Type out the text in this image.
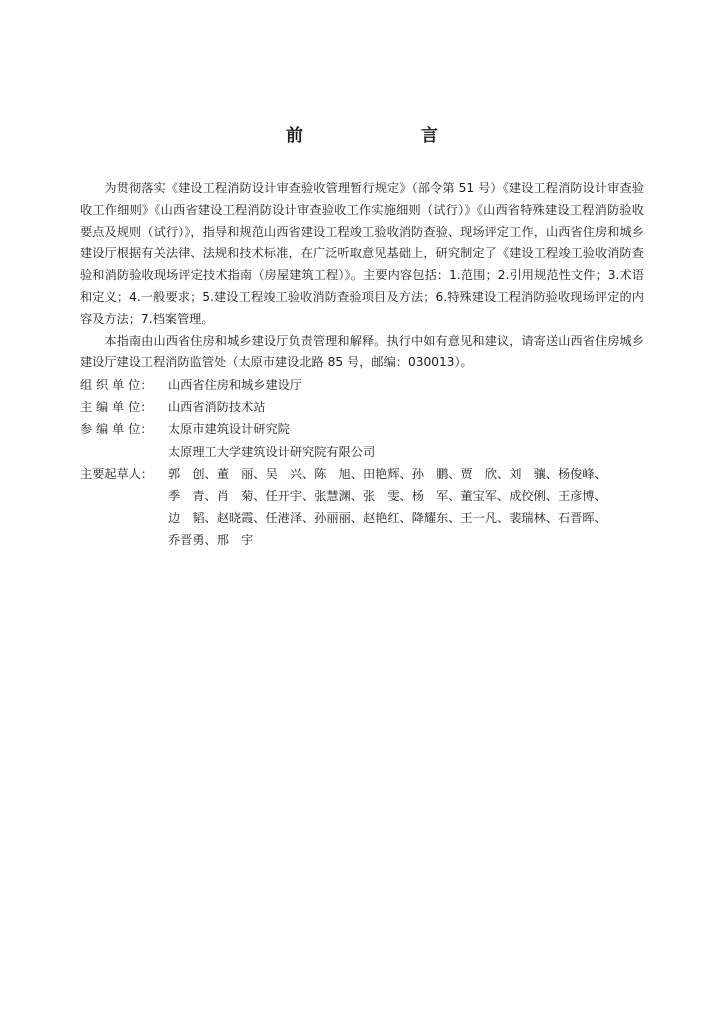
前　　言

为贯彻落实《建设工程消防设计审查验收管理暂行规定》（部令第 51 号）《建设工程消防设计审查验收工作细则》《山西省建设工程消防设计审查验收工作实施细则（试行）》《山西省特殊建设工程消防验收要点及规则（试行）》，指导和规范山西省建设工程竣工验收消防查验、现场评定工作，山西省住房和城乡建设厅根据有关法律、法规和技术标准，在广泛听取意见基础上，研究制定了《建设工程竣工验收消防查验和消防验收现场评定技术指南（房屋建筑工程）》。主要内容包括：1.范围；2.引用规范性文件；3.术语和定义；4.一般要求；5.建设工程竣工验收消防查验项目及方法；6.特殊建设工程消防验收现场评定的内容及方法；7.档案管理。

本指南由山西省住房和城乡建设厅负责管理和解释。执行中如有意见和建议，请寄送山西省住房城乡建设厅建设工程消防监管处（太原市建设北路 85 号，邮编：030013）。

组 织 单 位：	山西省住房和城乡建设厅
主 编 单 位：	山西省消防技术站
参 编 单 位：	太原市建筑设计研究院
太原理工大学建筑设计研究院有限公司
主要起草人：	郭　创、董　丽、吴　兴、陈　旭、田艳辉、孙　鹏、贾　欣、刘　骧、杨俊峰、
季　青、肖　菊、任开宇、张慧渊、张　雯、杨　军、董宝军、成佼俐、王彦博、
边　韬、赵晓霞、任港泽、孙丽丽、赵艳红、降耀东、王一凡、裴瑞林、石晋晖、
乔晋勇、邢　宇
